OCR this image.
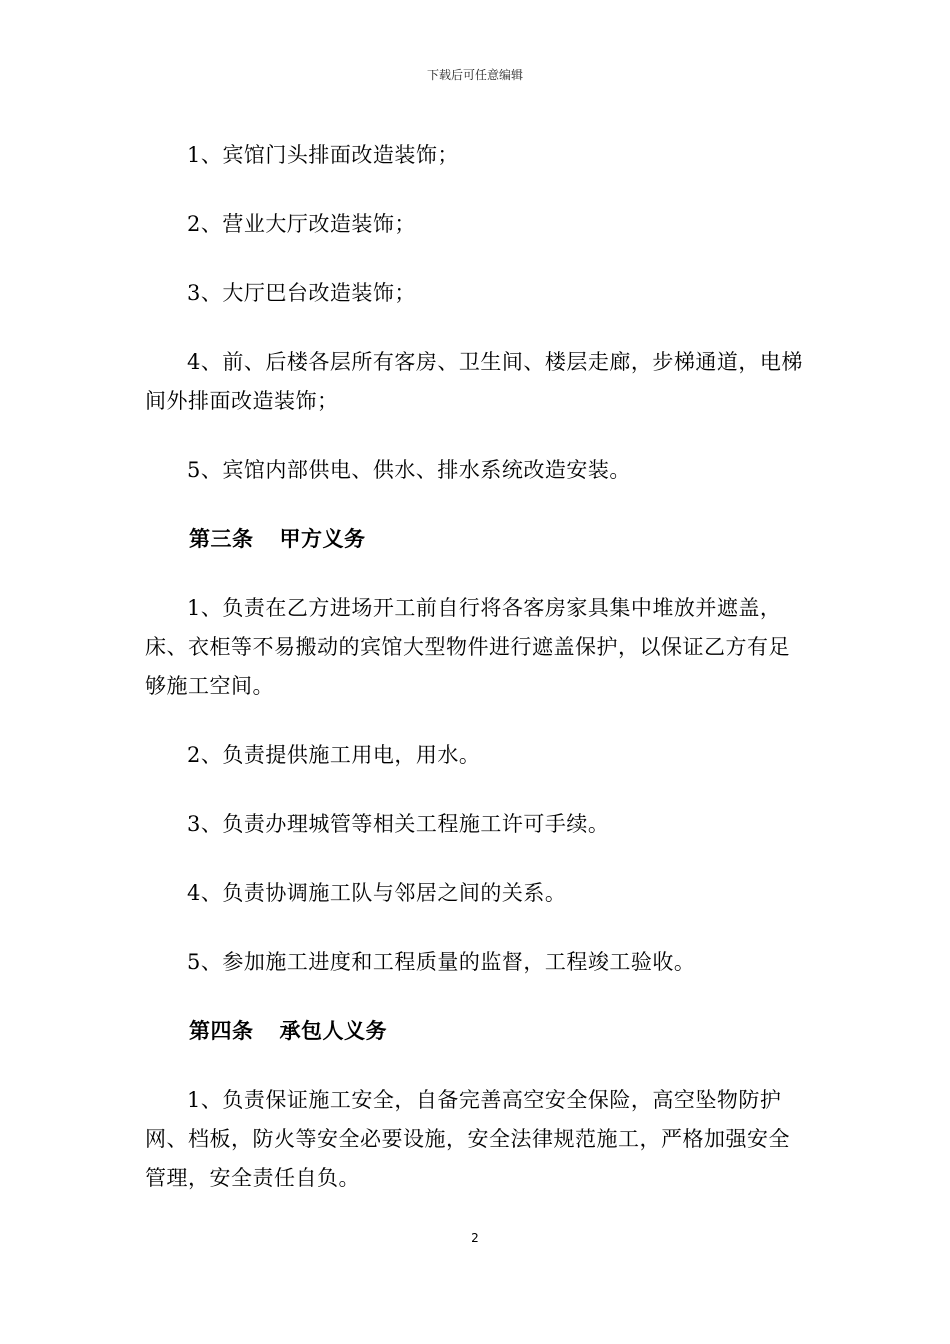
下载后可任意编辑

1、宾馆门头排面改造装饰；

2、营业大厅改造装饰；

3、大厅巴台改造装饰；

4、前、后楼各层所有客房、卫生间、楼层走廊，步梯通道，电梯间外排面改造装饰；

5、宾馆内部供电、供水、排水系统改造安装。

第三条 甲方义务

1、负责在乙方进场开工前自行将各客房家具集中堆放并遮盖，床、衣柜等不易搬动的宾馆大型物件进行遮盖保护，以保证乙方有足够施工空间。

2、负责提供施工用电，用水。

3、负责办理城管等相关工程施工许可手续。

4、负责协调施工队与邻居之间的关系。

5、参加施工进度和工程质量的监督，工程竣工验收。

第四条 承包人义务

1、负责保证施工安全，自备完善高空安全保险，高空坠物防护网、档板，防火等安全必要设施，安全法律规范施工，严格加强安全管理，安全责任自负。

2
